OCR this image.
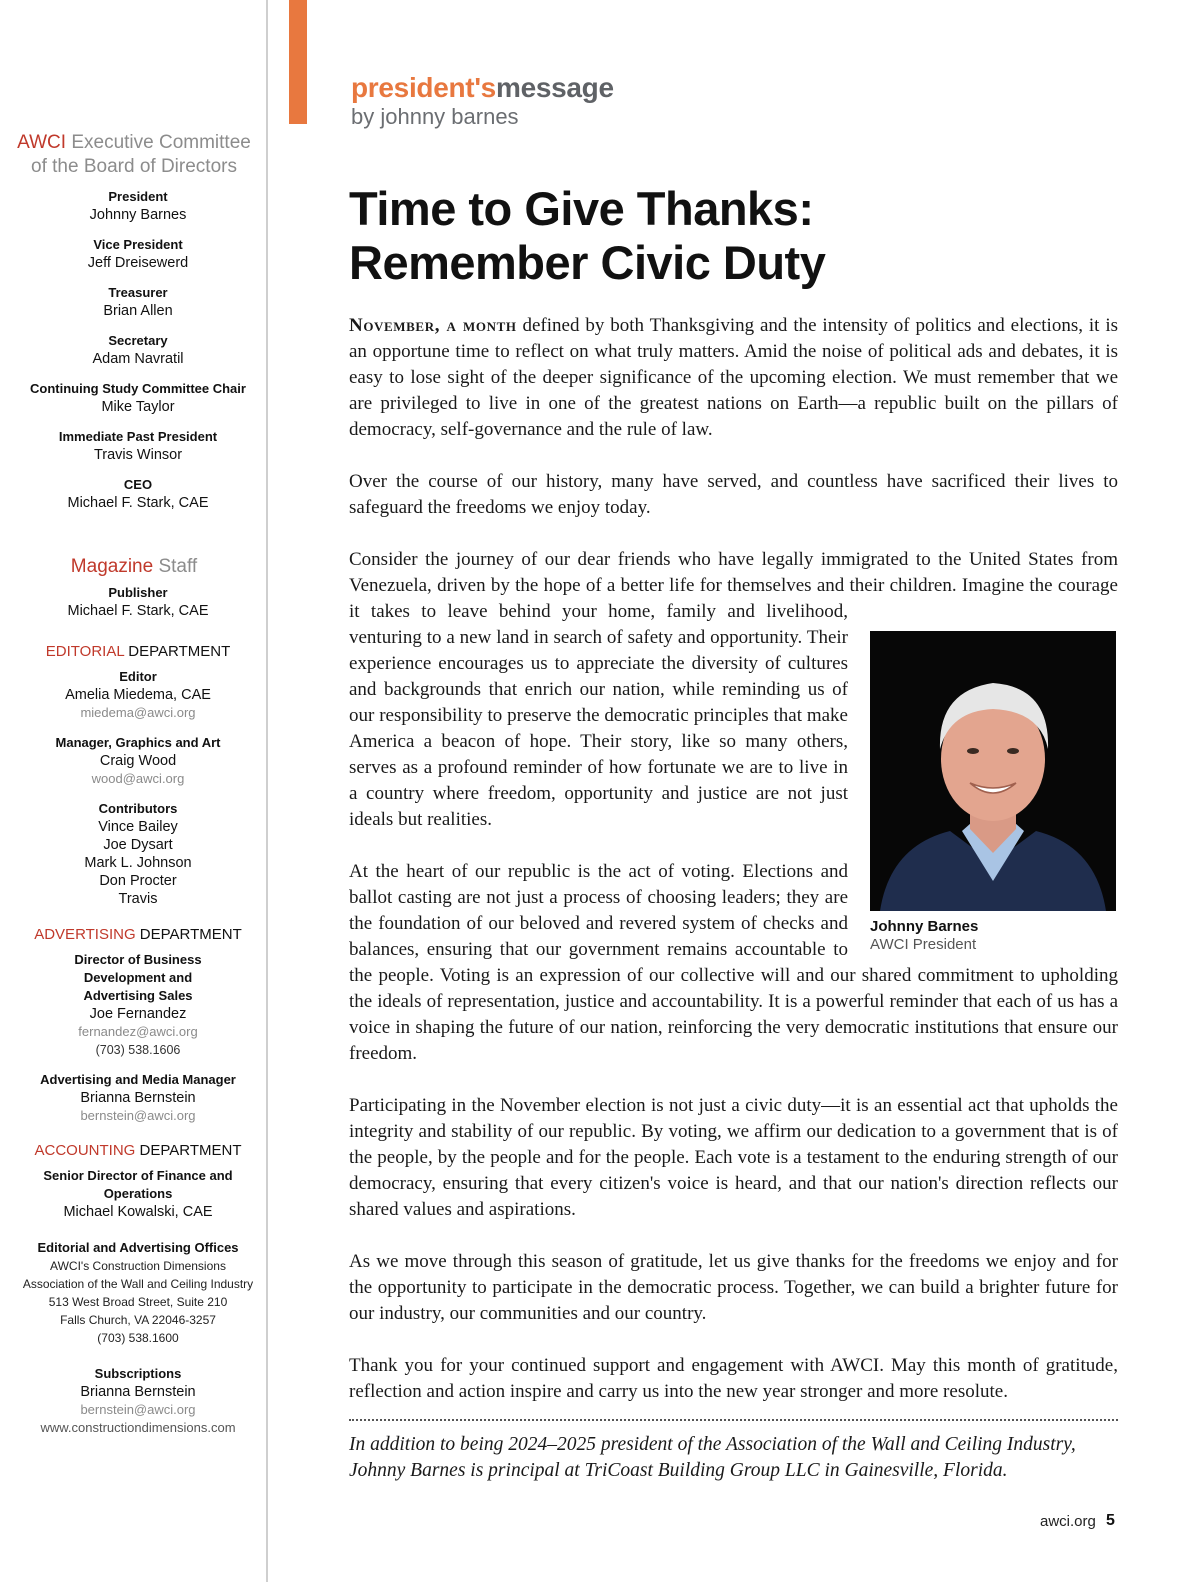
AWCI Executive Committee
of the Board of Directors
President
Johnny Barnes
Vice President
Jeff Dreisewerd
Treasurer
Brian Allen
Secretary
Adam Navratil
Continuing Study Committee Chair
Mike Taylor
Immediate Past President
Travis Winsor
CEO
Michael F. Stark, CAE
Magazine Staff
Publisher
Michael F. Stark, CAE
EDITORIAL DEPARTMENT
Editor
Amelia Miedema, CAE
miedema@awci.org
Manager, Graphics and Art
Craig Wood
wood@awci.org
Contributors
Vince Bailey
Joe Dysart
Mark L. Johnson
Don Procter
Travis
ADVERTISING DEPARTMENT
Director of Business
Development and
Advertising Sales
Joe Fernandez
fernandez@awci.org
(703) 538.1606
Advertising and Media Manager
Brianna Bernstein
bernstein@awci.org
ACCOUNTING DEPARTMENT
Senior Director of Finance and
Operations
Michael Kowalski, CAE
Editorial and Advertising Offices
AWCI's Construction Dimensions
Association of the Wall and Ceiling Industry
513 West Broad Street, Suite 210
Falls Church, VA 22046-3257
(703) 538.1600
Subscriptions
Brianna Bernstein
bernstein@awci.org
www.constructiondimensions.com
president'smessage
by johnny barnes
Time to Give Thanks:
Remember Civic Duty

November, a month defined by both Thanksgiving and the intensity of politics and elections, it is an opportune time to reflect on what truly matters. Amid the noise of political ads and debates, it is easy to lose sight of the deeper significance of the upcoming election. We must remember that we are privileged to live in one of the greatest nations on Earth—a republic built on the pillars of democracy, self-governance and the rule of law.

Over the course of our history, many have served, and countless have sacrificed their lives to safeguard the freedoms we enjoy today.

Consider the journey of our dear friends who have legally immigrated to the United States from Venezuela, driven by the hope of a better life for themselves and their children. Imagine the courage it takes to leave behind your home, family and livelihood, venturing to a new land in search of safety and opportunity. Their experience encourages us to appreciate the diversity of cultures and backgrounds that enrich our nation, while reminding us of our responsibility to preserve the democratic principles that make America a beacon of hope. Their story, like so many others, serves as a profound reminder of how fortunate we are to live in a country where freedom, opportunity and justice are not just ideals but realities.

At the heart of our republic is the act of voting. Elections and ballot casting are not just a process of choosing leaders; they are the foundation of our beloved and revered system of checks and balances, ensuring that our government remains accountable to the people. Voting is an expression of our collective will and our shared commitment to upholding the ideals of representation, justice and accountability. It is a powerful reminder that each of us has a voice in shaping the future of our nation, reinforcing the very democratic institutions that ensure our freedom.

Participating in the November election is not just a civic duty—it is an essential act that upholds the integrity and stability of our republic. By voting, we affirm our dedication to a government that is of the people, by the people and for the people. Each vote is a testament to the enduring strength of our democracy, ensuring that every citizen's voice is heard, and that our nation's direction reflects our shared values and aspirations.

As we move through this season of gratitude, let us give thanks for the freedoms we enjoy and for the opportunity to participate in the democratic process. Together, we can build a brighter future for our industry, our communities and our country.

Thank you for your continued support and engagement with AWCI. May this month of gratitude, reflection and action inspire and carry us into the new year stronger and more resolute.

Johnny Barnes
AWCI President
In addition to being 2024–2025 president of the Association of the Wall and Ceiling Industry, Johnny Barnes is principal at TriCoast Building Group LLC in Gainesville, Florida.
awci.org 5
